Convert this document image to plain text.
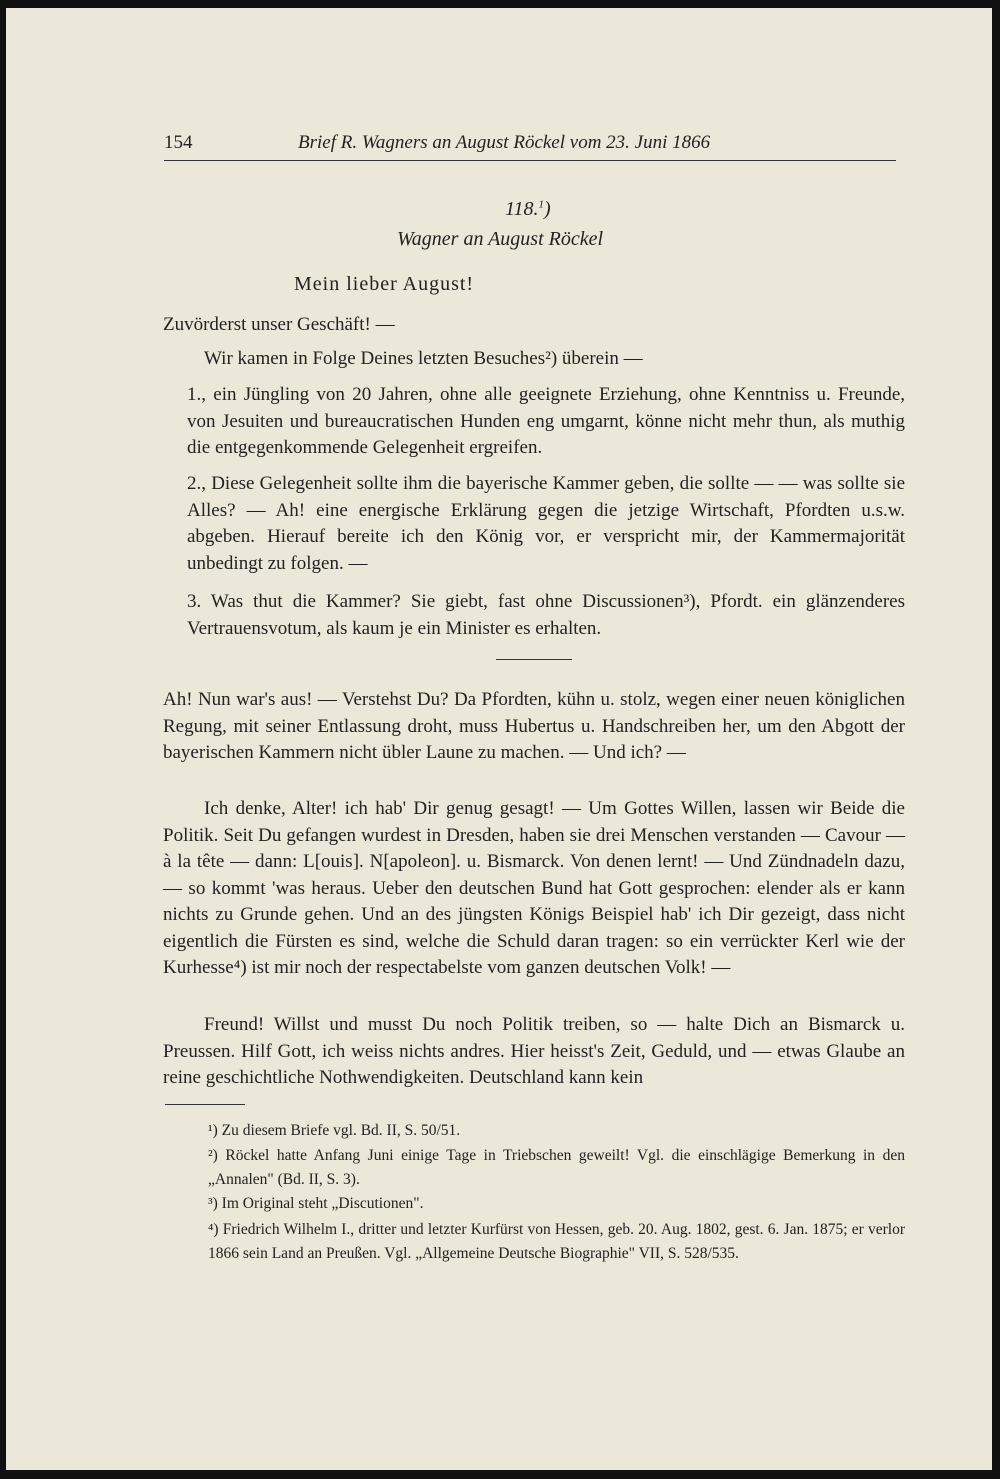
154	Brief R. Wagners an August Röckel vom 23. Juni 1866
118.$^1$)
Wagner an August Röckel
Mein lieber August!

Zuvörderst unser Geschäft! —

Wir kamen in Folge Deines letzten Besuches²) überein —

1., ein Jüngling von 20 Jahren, ohne alle geeignete Erziehung, ohne Kenntniss u. Freunde, von Jesuiten und bureaucratischen Hunden eng umgarnt, könne nicht mehr thun, als muthig die entgegenkommende Gelegenheit ergreifen.

2., Diese Gelegenheit sollte ihm die bayerische Kammer geben, die sollte — — was sollte sie Alles? — Ah! eine energische Erklärung gegen die jetzige Wirtschaft, Pfordten u.s.w. abgeben. Hierauf bereite ich den König vor, er verspricht mir, der Kammermajorität unbedingt zu folgen. —

3. Was thut die Kammer? Sie giebt, fast ohne Discussionen³), Pfordt. ein glänzenderes Vertrauensvotum, als kaum je ein Minister es erhalten.

Ah! Nun war's aus! — Verstehst Du? Da Pfordten, kühn u. stolz, wegen einer neuen königlichen Regung, mit seiner Entlassung droht, muss Hubertus u. Handschreiben her, um den Abgott der bayerischen Kammern nicht übler Laune zu machen. — Und ich? —

Ich denke, Alter! ich hab' Dir genug gesagt! — Um Gottes Willen, lassen wir Beide die Politik. Seit Du gefangen wurdest in Dresden, haben sie drei Menschen verstanden — Cavour — à la tête — dann: L[ouis]. N[apoleon]. u. Bismarck. Von denen lernt! — Und Zündnadeln dazu, — so kommt 'was heraus. Ueber den deutschen Bund hat Gott gesprochen: elender als er kann nichts zu Grunde gehen. Und an des jüngsten Königs Beispiel hab' ich Dir gezeigt, dass nicht eigentlich die Fürsten es sind, welche die Schuld daran tragen: so ein verrückter Kerl wie der Kurhesse⁴) ist mir noch der respectabelste vom ganzen deutschen Volk! —

Freund! Willst und musst Du noch Politik treiben, so — halte Dich an Bismarck u. Preussen. Hilf Gott, ich weiss nichts andres. Hier heisst's Zeit, Geduld, und — etwas Glaube an reine geschichtliche Nothwendigkeiten. Deutschland kann kein

¹) Zu diesem Briefe vgl. Bd. II, S. 50/51.

²) Röckel hatte Anfang Juni einige Tage in Triebschen geweilt! Vgl. die einschlägige Bemerkung in den „Annalen" (Bd. II, S. 3).

³) Im Original steht „Discutionen".

⁴) Friedrich Wilhelm I., dritter und letzter Kurfürst von Hessen, geb. 20. Aug. 1802, gest. 6. Jan. 1875; er verlor 1866 sein Land an Preußen. Vgl. „Allgemeine Deutsche Biographie" VII, S. 528/535.
